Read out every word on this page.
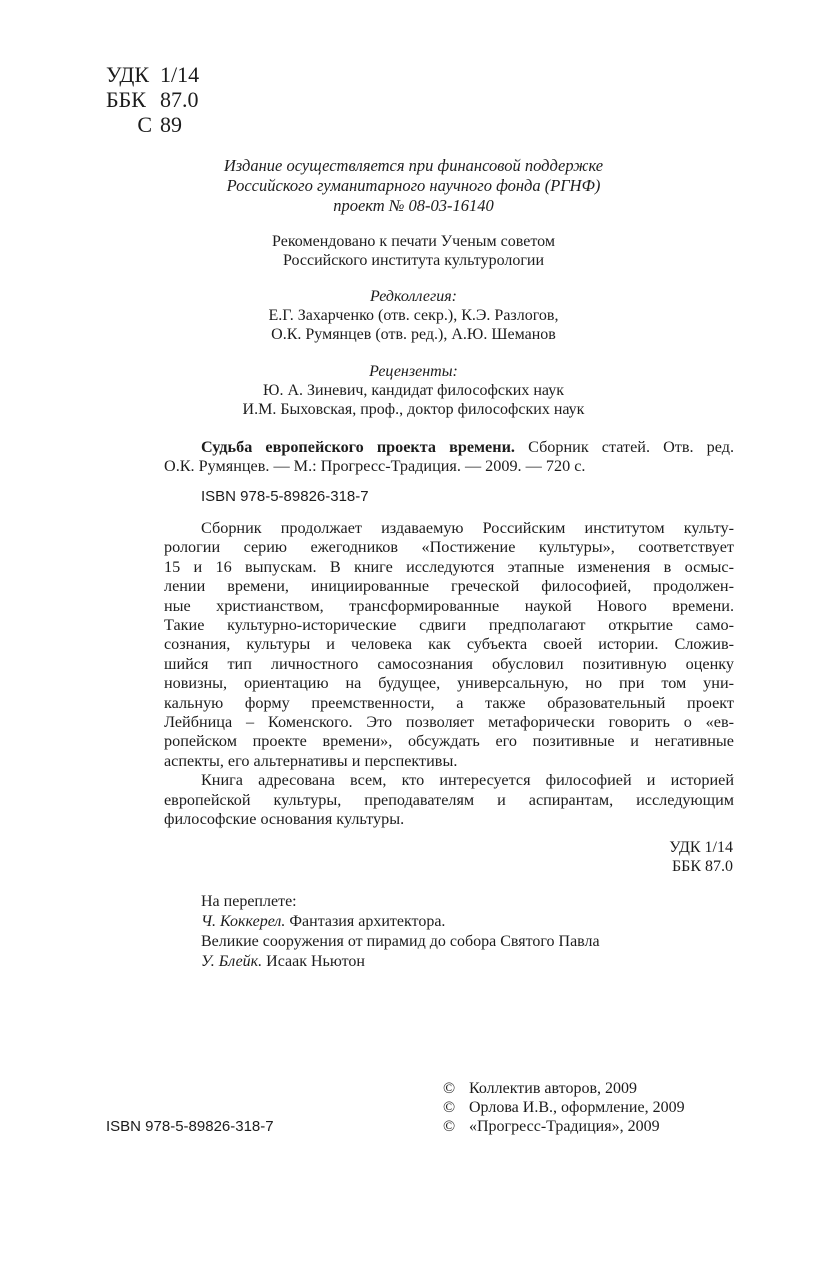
УДК 1/14
ББК 87.0
С 89
Издание осуществляется при финансовой поддержке
Российского гуманитарного научного фонда (РГНФ)
проект № 08-03-16140
Рекомендовано к печати Ученым советом
Российского института культурологии
Редколлегия:
Е.Г. Захарченко (отв. секр.), К.Э. Разлогов,
О.К. Румянцев (отв. ред.), А.Ю. Шеманов
Рецензенты:
Ю. А. Зиневич, кандидат философских наук
И.М. Быховская, проф., доктор философских наук
Судьба европейского проекта времени. Сборник статей. Отв. ред.
О.К. Румянцев. — М.: Прогресс-Традиция. — 2009. — 720 с.
ISBN 978-5-89826-318-7
Сборник продолжает издаваемую Российским институтом культу-
рологии серию ежегодников «Постижение культуры», соответствует
15 и 16 выпускам. В книге исследуются этапные изменения в осмыс-
лении времени, инициированные греческой философией, продолжен-
ные христианством, трансформированные наукой Нового времени.
Такие культурно-исторические сдвиги предполагают открытие само-
сознания, культуры и человека как субъекта своей истории. Сложив-
шийся тип личностного самосознания обусловил позитивную оценку
новизны, ориентацию на будущее, универсальную, но при том уни-
кальную форму преемственности, а также образовательный проект
Лейбница – Коменского. Это позволяет метафорически говорить о «ев-
ропейском проекте времени», обсуждать его позитивные и негативные
аспекты, его альтернативы и перспективы.
Книга адресована всем, кто интересуется философией и историей
европейской культуры, преподавателям и аспирантам, исследующим
философские основания культуры.
УДК 1/14
ББК 87.0
На переплете:
Ч. Коккерел. Фантазия архитектора.
Великие сооружения от пирамид до собора Святого Павла
У. Блейк. Исаак Ньютон
ISBN 978-5-89826-318-7
© Коллектив авторов, 2009
© Орлова И.В., оформление, 2009
© «Прогресс-Традиция», 2009
